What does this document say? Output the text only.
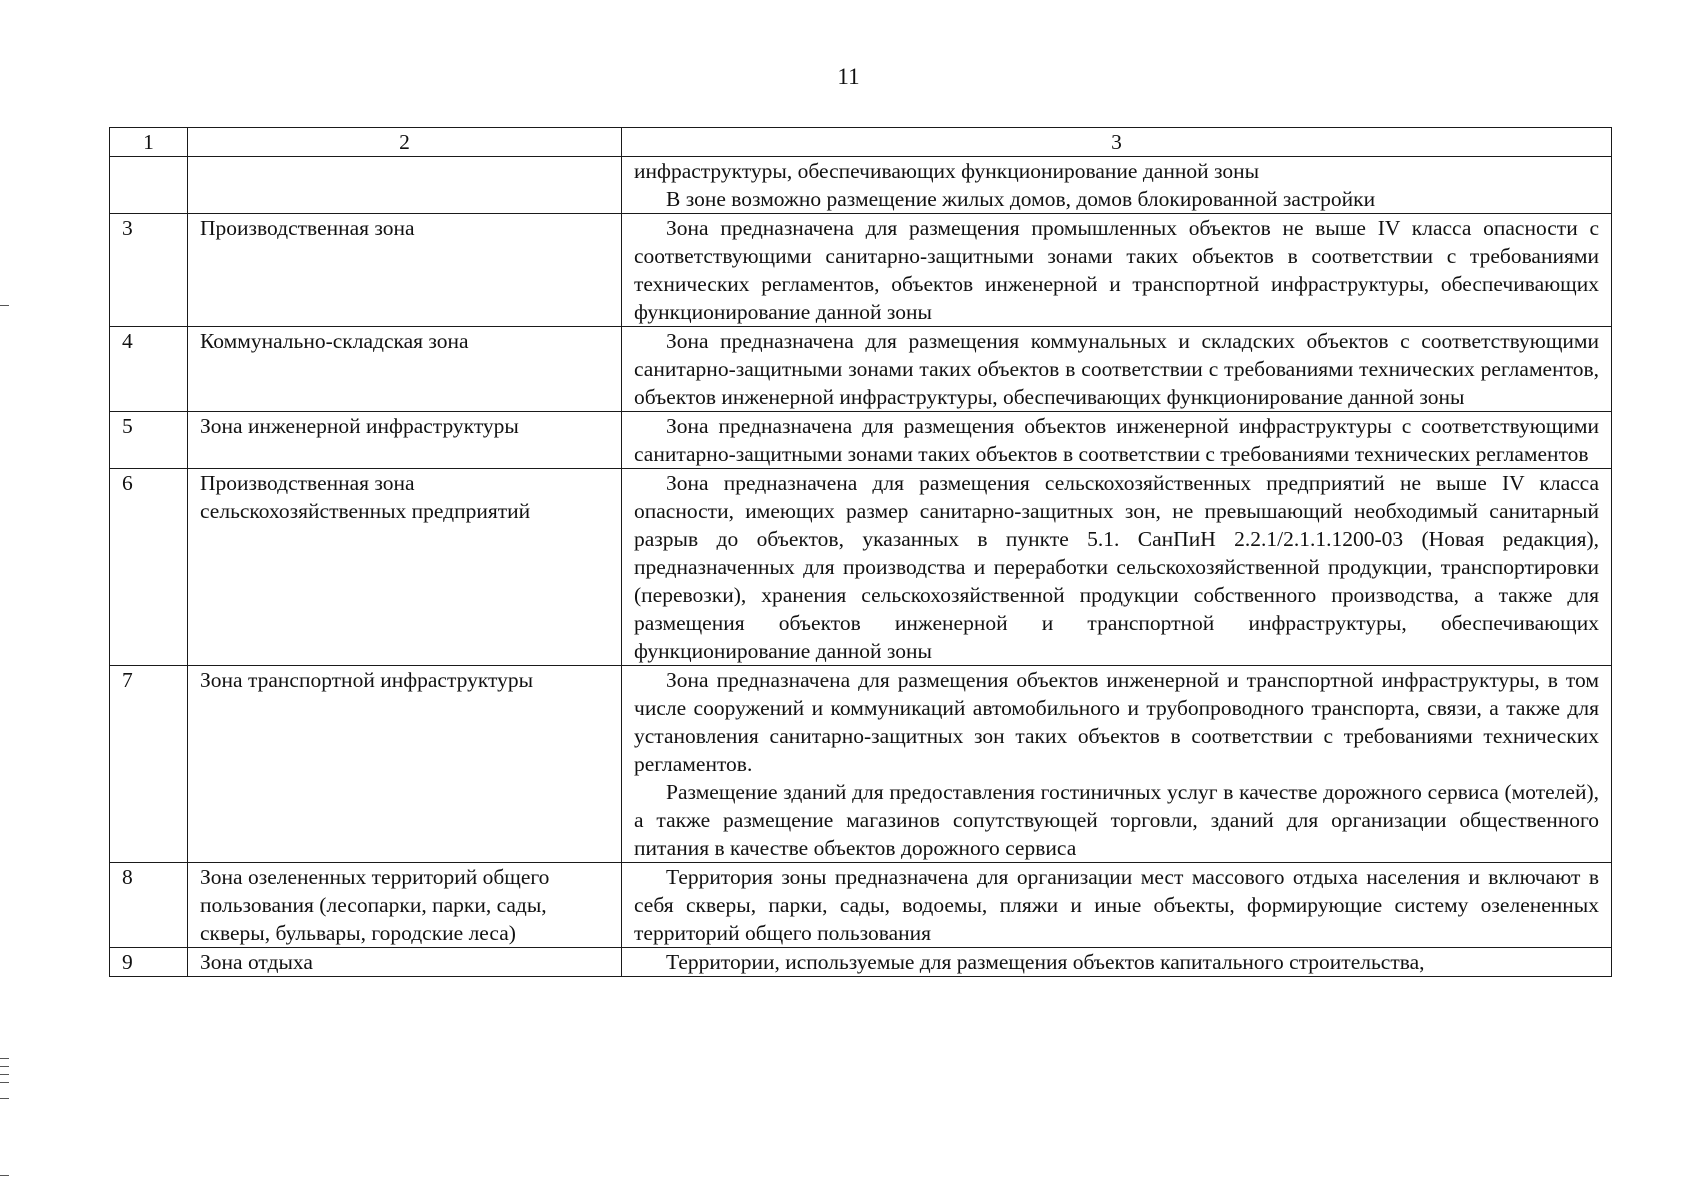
11
1	2	3

		инфраструктуры, обеспечивающих функционирование данной зоны

В зоне возможно размещение жилых домов, домов блокированной застройки

3	Производственная зона	Зона предназначена для размещения промышленных объектов не выше IV класса опасности с соответствующими санитарно-защитными зонами таких объектов в соответствии с требованиями технических регламентов, объектов инженерной и транспортной инфраструктуры, обеспечивающих функционирование данной зоны

4	Коммунально-складская зона	Зона предназначена для размещения коммунальных и складских объектов с соответствующими санитарно-защитными зонами таких объектов в соответствии с требованиями технических регламентов, объектов инженерной инфраструктуры, обеспечивающих функционирование данной зоны

5	Зона инженерной инфраструктуры	Зона предназначена для размещения объектов инженерной инфраструктуры с соответствующими санитарно-защитными зонами таких объектов в соответствии с требованиями технических регламентов

6	Производственная зона сельскохозяйственных предприятий	Зона предназначена для размещения сельскохозяйственных предприятий не выше IV класса опасности, имеющих размер санитарно-защитных зон, не превышающий необходимый санитарный разрыв до объектов, указанных в пункте 5.1. СанПиН 2.2.1/2.1.1.1200-03 (Новая редакция), предназначенных для производства и переработки сельскохозяйственной продукции, транспортировки (перевозки), хранения сельскохозяйственной продукции собственного производства, а также для размещения объектов инженерной и транспортной инфраструктуры, обеспечивающих функционирование данной зоны

7	Зона транспортной инфраструктуры	Зона предназначена для размещения объектов инженерной и транспортной инфраструктуры, в том числе сооружений и коммуникаций автомобильного и трубопроводного транспорта, связи, а также для установления санитарно-защитных зон таких объектов в соответствии с требованиями технических регламентов.

Размещение зданий для предоставления гостиничных услуг в качестве дорожного сервиса (мотелей), а также размещение магазинов сопутствующей торговли, зданий для организации общественного питания в качестве объектов дорожного сервиса

8	Зона озелененных территорий общего пользования (лесопарки, парки, сады, скверы, бульвары, городские леса)	Территория зоны предназначена для организации мест массового отдыха населения и включают в себя скверы, парки, сады, водоемы, пляжи и иные объекты, формирующие систему озелененных территорий общего пользования

9	Зона отдыха	Территории, используемые для размещения объектов капитального строительства,
